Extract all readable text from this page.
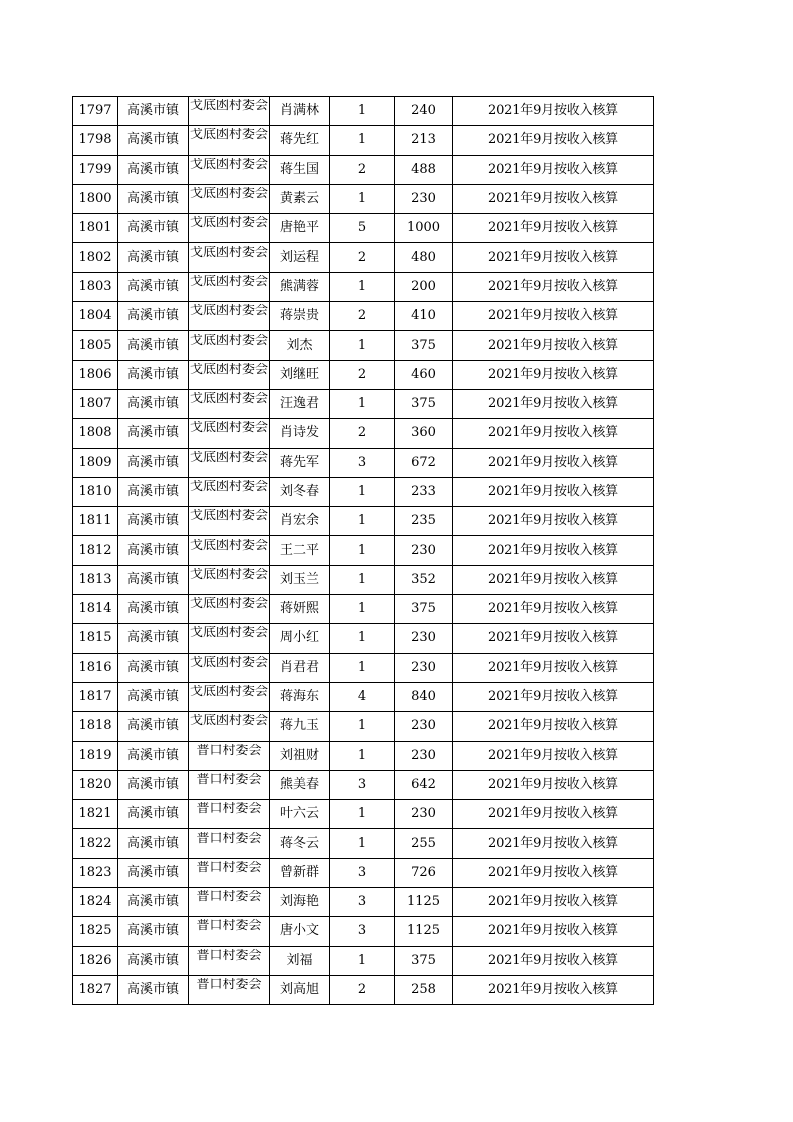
1797	高溪市镇	戈底凼村委会	肖满林	1	240	2021年9月按收入核算
1798	高溪市镇	戈底凼村委会	蒋先红	1	213	2021年9月按收入核算
1799	高溪市镇	戈底凼村委会	蒋生国	2	488	2021年9月按收入核算
1800	高溪市镇	戈底凼村委会	黄素云	1	230	2021年9月按收入核算
1801	高溪市镇	戈底凼村委会	唐艳平	5	1000	2021年9月按收入核算
1802	高溪市镇	戈底凼村委会	刘运程	2	480	2021年9月按收入核算
1803	高溪市镇	戈底凼村委会	熊满蓉	1	200	2021年9月按收入核算
1804	高溪市镇	戈底凼村委会	蒋崇贵	2	410	2021年9月按收入核算
1805	高溪市镇	戈底凼村委会	刘杰	1	375	2021年9月按收入核算
1806	高溪市镇	戈底凼村委会	刘继旺	2	460	2021年9月按收入核算
1807	高溪市镇	戈底凼村委会	汪逸君	1	375	2021年9月按收入核算
1808	高溪市镇	戈底凼村委会	肖诗发	2	360	2021年9月按收入核算
1809	高溪市镇	戈底凼村委会	蒋先军	3	672	2021年9月按收入核算
1810	高溪市镇	戈底凼村委会	刘冬春	1	233	2021年9月按收入核算
1811	高溪市镇	戈底凼村委会	肖宏余	1	235	2021年9月按收入核算
1812	高溪市镇	戈底凼村委会	王二平	1	230	2021年9月按收入核算
1813	高溪市镇	戈底凼村委会	刘玉兰	1	352	2021年9月按收入核算
1814	高溪市镇	戈底凼村委会	蒋妍熙	1	375	2021年9月按收入核算
1815	高溪市镇	戈底凼村委会	周小红	1	230	2021年9月按收入核算
1816	高溪市镇	戈底凼村委会	肖君君	1	230	2021年9月按收入核算
1817	高溪市镇	戈底凼村委会	蒋海东	4	840	2021年9月按收入核算
1818	高溪市镇	戈底凼村委会	蒋九玉	1	230	2021年9月按收入核算
1819	高溪市镇	普口村委会	刘祖财	1	230	2021年9月按收入核算
1820	高溪市镇	普口村委会	熊美春	3	642	2021年9月按收入核算
1821	高溪市镇	普口村委会	叶六云	1	230	2021年9月按收入核算
1822	高溪市镇	普口村委会	蒋冬云	1	255	2021年9月按收入核算
1823	高溪市镇	普口村委会	曾新群	3	726	2021年9月按收入核算
1824	高溪市镇	普口村委会	刘海艳	3	1125	2021年9月按收入核算
1825	高溪市镇	普口村委会	唐小文	3	1125	2021年9月按收入核算
1826	高溪市镇	普口村委会	刘福	1	375	2021年9月按收入核算
1827	高溪市镇	普口村委会	刘高旭	2	258	2021年9月按收入核算
